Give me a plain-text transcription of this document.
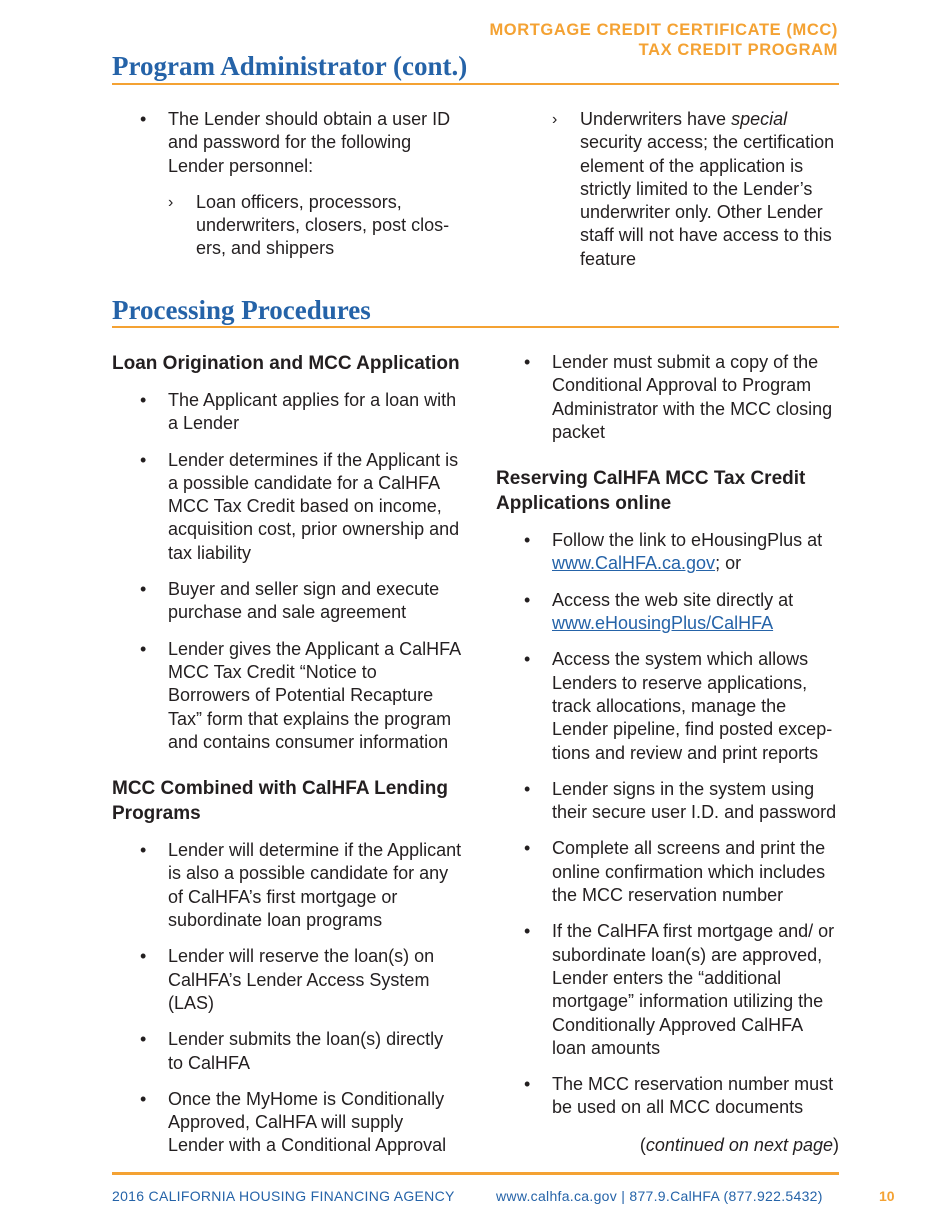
MORTGAGE CREDIT CERTIFICATE (MCC)
TAX CREDIT PROGRAM
Program Administrator (cont.)
• The Lender should obtain a user ID and password for the following Lender personnel:
› Loan officers, processors, underwriters, closers, post closers, and shippers
› Underwriters have special security access; the certification element of the application is strictly limited to the Lender’s underwriter only. Other Lender staff will not have access to this feature
Processing Procedures
Loan Origination and MCC Application
• The Applicant applies for a loan with a Lender
• Lender determines if the Applicant is a possible candidate for a CalHFA MCC Tax Credit based on income, acquisition cost, prior ownership and tax liability
• Buyer and seller sign and execute purchase and sale agreement
• Lender gives the Applicant a CalHFA MCC Tax Credit “Notice to Borrowers of Potential Recapture Tax” form that explains the program and contains consumer information
MCC Combined with CalHFA Lending Programs
• Lender will determine if the Applicant is also a possible candidate for any of CalHFA’s first mortgage or subordinate loan programs
• Lender will reserve the loan(s) on CalHFA’s Lender Access System (LAS)
• Lender submits the loan(s) directly to CalHFA
• Once the MyHome is Conditionally Approved, CalHFA will supply Lender with a Conditional Approval
• Lender must submit a copy of the Conditional Approval to Program Administrator with the MCC closing packet
Reserving CalHFA MCC Tax Credit Applications online
• Follow the link to eHousingPlus at www.CalHFA.ca.gov; or
• Access the web site directly at www.eHousingPlus/CalHFA
• Access the system which allows Lenders to reserve applications, track allocations, manage the Lender pipeline, find posted exceptions and review and print reports
• Lender signs in the system using their secure user I.D. and password
• Complete all screens and print the online confirmation which includes the MCC reservation number
• If the CalHFA first mortgage and/ or subordinate loan(s) are approved, Lender enters the “additional mortgage” information utilizing the Conditionally Approved CalHFA loan amounts
• The MCC reservation number must be used on all MCC documents
(continued on next page)
2016 CALIFORNIA HOUSING FINANCING AGENCY	www.calhfa.ca.gov | 877.9.CalHFA (877.922.5432)	10
